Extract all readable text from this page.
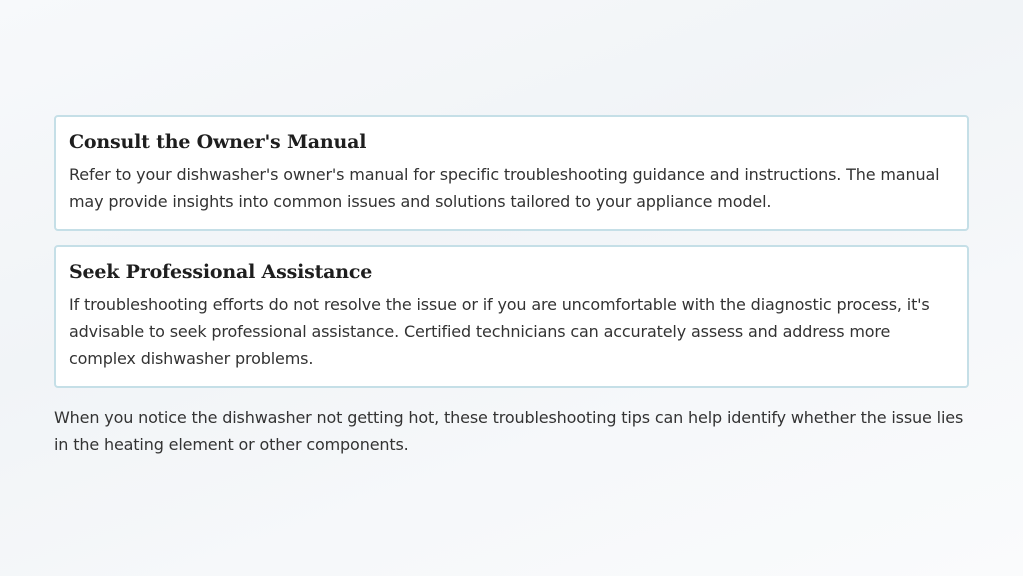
Consult the Owner's Manual

Refer to your dishwasher's owner's manual for specific troubleshooting guidance and instructions. The manual may provide insights into common issues and solutions tailored to your appliance model.

Seek Professional Assistance

If troubleshooting efforts do not resolve the issue or if you are uncomfortable with the diagnostic process, it's advisable to seek professional assistance. Certified technicians can accurately assess and address more complex dishwasher problems.

When you notice the dishwasher not getting hot, these troubleshooting tips can help identify whether the issue lies in the heating element or other components.
